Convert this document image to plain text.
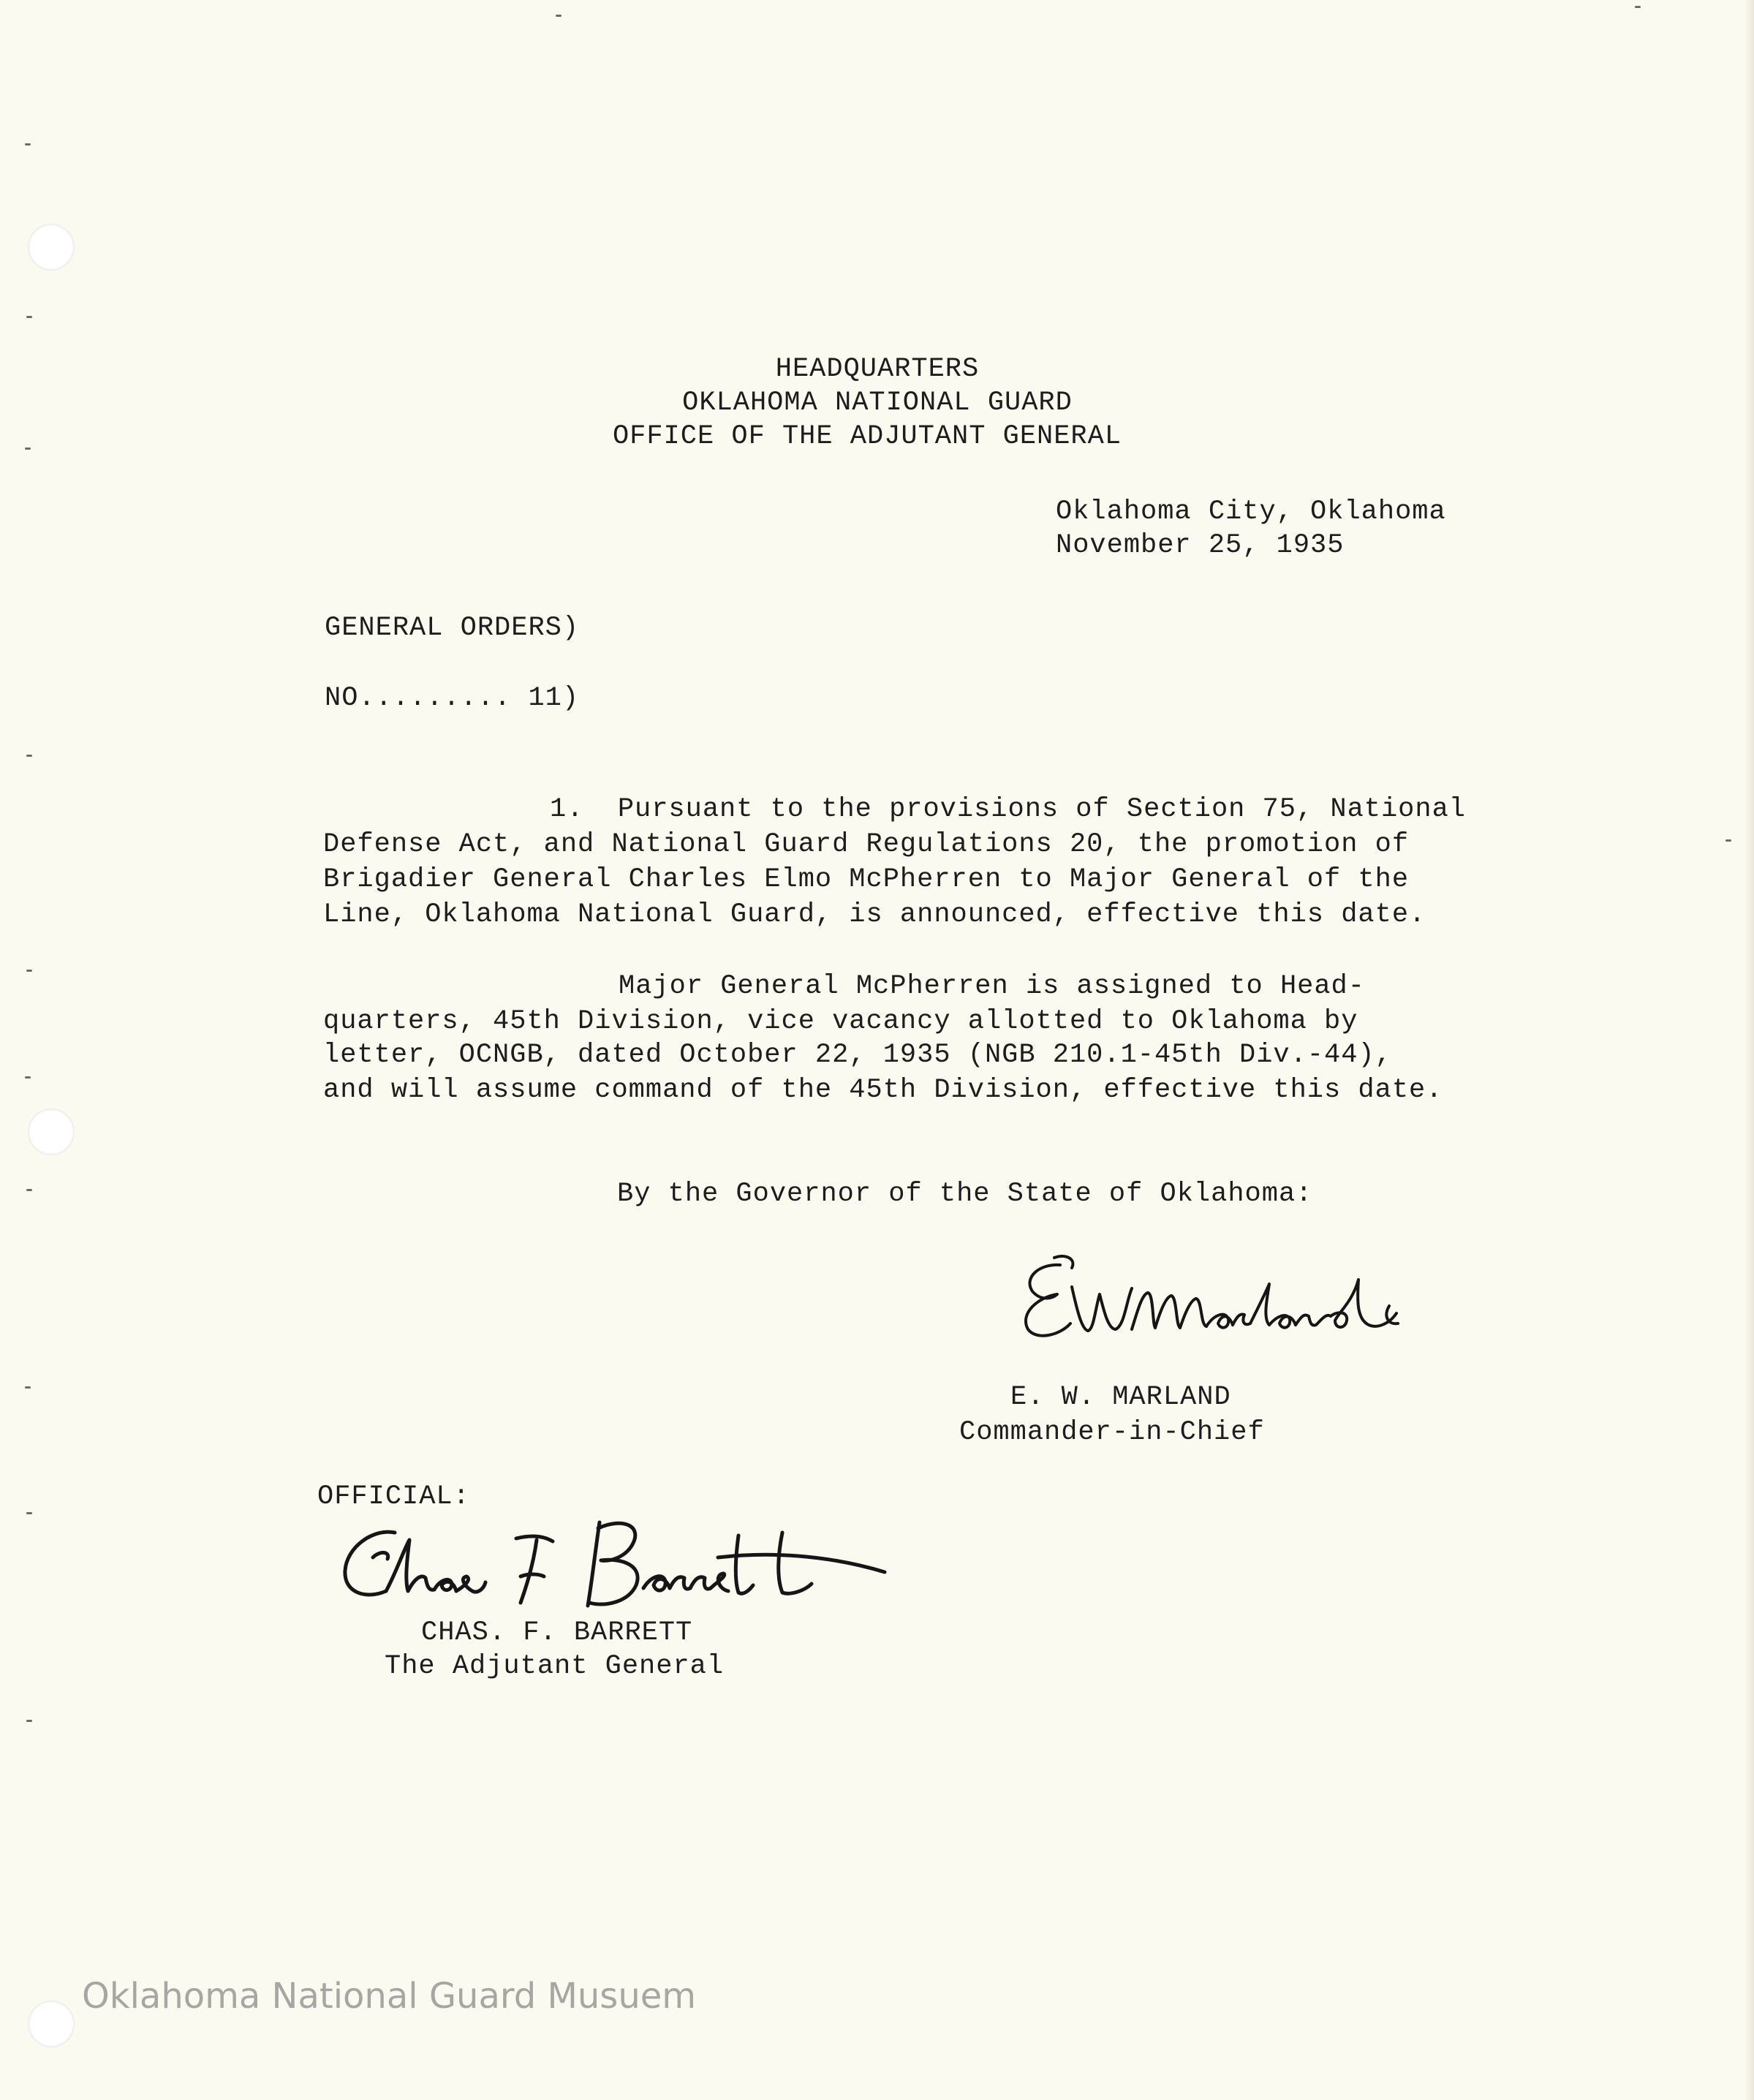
HEADQUARTERS
OKLAHOMA NATIONAL GUARD
OFFICE OF THE ADJUTANT GENERAL
Oklahoma City, Oklahoma
November 25, 1935
GENERAL ORDERS)
NO......... 11)
1.  Pursuant to the provisions of Section 75, National
Defense Act, and National Guard Regulations 20, the promotion of
Brigadier General Charles Elmo McPherren to Major General of the
Line, Oklahoma National Guard, is announced, effective this date.
Major General McPherren is assigned to Head-
quarters, 45th Division, vice vacancy allotted to Oklahoma by
letter, OCNGB, dated October 22, 1935 (NGB 210.1-45th Div.-44),
and will assume command of the 45th Division, effective this date.
By the Governor of the State of Oklahoma:
E. W. MARLAND
Commander-in-Chief
OFFICIAL:
CHAS. F. BARRETT
The Adjutant General
Oklahoma National Guard Musuem
